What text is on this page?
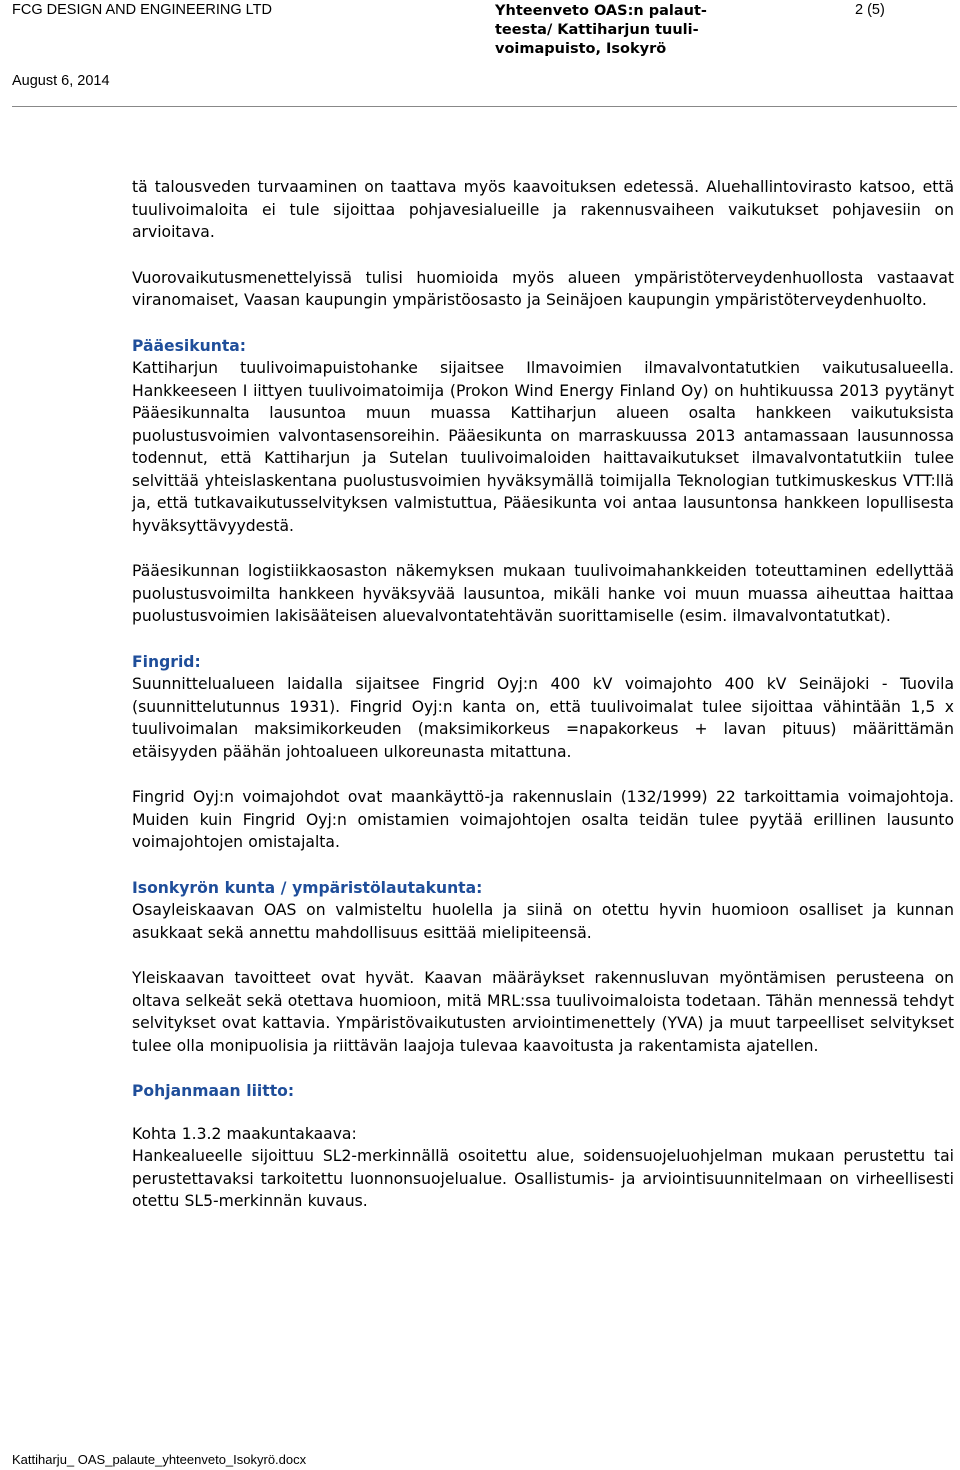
FCG DESIGN AND ENGINEERING LTD	Yhteenveto OAS:n palaut-teesta/ Kattiharjun tuuli-voimapuisto, Isokyrö
2 (5)
August 6, 2014

tä talousveden turvaaminen on taattava myös kaavoituksen edetessä. Aluehallintovirasto katsoo, että tuulivoimaloita ei tule sijoittaa pohjavesialueille ja rakennusvaiheen vaikutukset pohjavesiin on arvioitava.

Vuorovaikutusmenettelyissä tulisi huomioida myös alueen ympäristöterveydenhuollosta vastaavat viranomaiset, Vaasan kaupungin ympäristöosasto ja Seinäjoen kaupungin ympäristöterveydenhuolto.

Pääesikunta:

Kattiharjun tuulivoimapuistohanke sijaitsee Ilmavoimien ilmavalvontatutkien vaikutusalueella. Hankkeeseen I iittyen tuulivoimatoimija (Prokon Wind Energy Finland Oy) on huhtikuussa 2013 pyytänyt Pääesikunnalta lausuntoa muun muassa Kattiharjun alueen osalta hankkeen vaikutuksista puolustusvoimien valvontasensoreihin. Pääesikunta on marraskuussa 2013 antamassaan lausunnossa todennut, että Kattiharjun ja Sutelan tuulivoimaloiden haittavaikutukset ilmavalvontatutkiin tulee selvittää yhteislaskentana puolustusvoimien hyväksymällä toimijalla Teknologian tutkimuskeskus VTT:llä ja, että tutkavaikutusselvityksen valmistuttua, Pääesikunta voi antaa lausuntonsa hankkeen lopullisesta hyväksyttävyydestä.

Pääesikunnan logistiikkaosaston näkemyksen mukaan tuulivoimahankkeiden toteuttaminen edellyttää puolustusvoimilta hankkeen hyväksyvää lausuntoa, mikäli hanke voi muun muassa aiheuttaa haittaa puolustusvoimien lakisääteisen aluevalvontatehtävän suorittamiselle (esim. ilmavalvontatutkat).

Fingrid:

Suunnittelualueen laidalla sijaitsee Fingrid Oyj:n 400 kV voimajohto 400 kV Seinäjoki - Tuovila (suunnittelutunnus 1931). Fingrid Oyj:n kanta on, että tuulivoimalat tulee sijoittaa vähintään 1,5 x tuulivoimalan maksimikorkeuden (maksimikorkeus =napakorkeus + lavan pituus) määrittämän etäisyyden päähän johtoalueen ulkoreunasta mitattuna.

Fingrid Oyj:n voimajohdot ovat maankäyttö-ja rakennuslain (132/1999) 22 tarkoittamia voimajohtoja. Muiden kuin Fingrid Oyj:n omistamien voimajohtojen osalta teidän tulee pyytää erillinen lausunto voimajohtojen omistajalta.

Isonkyrön kunta / ympäristölautakunta:

Osayleiskaavan OAS on valmisteltu huolella ja siinä on otettu hyvin huomioon osalliset ja kunnan asukkaat sekä annettu mahdollisuus esittää mielipiteensä.

Yleiskaavan tavoitteet ovat hyvät. Kaavan määräykset rakennusluvan myöntämisen perusteena on oltava selkeät sekä otettava huomioon, mitä MRL:ssa tuulivoimaloista todetaan. Tähän mennessä tehdyt selvitykset ovat kattavia. Ympäristövaikutusten arviointimenettely (YVA) ja muut tarpeelliset selvitykset tulee olla monipuolisia ja riittävän laajoja tulevaa kaavoitusta ja rakentamista ajatellen.

Pohjanmaan liitto:

Kohta 1.3.2 maakuntakaava:

Hankealueelle sijoittuu SL2-merkinnällä osoitettu alue, soidensuojeluohjelman mukaan perustettu tai perustettavaksi tarkoitettu luonnonsuojelualue. Osallistumis- ja arviointisuunnitelmaan on virheellisesti otettu SL5-merkinnän kuvaus.

Kattiharju_ OAS_palaute_yhteenveto_Isokyrö.docx
